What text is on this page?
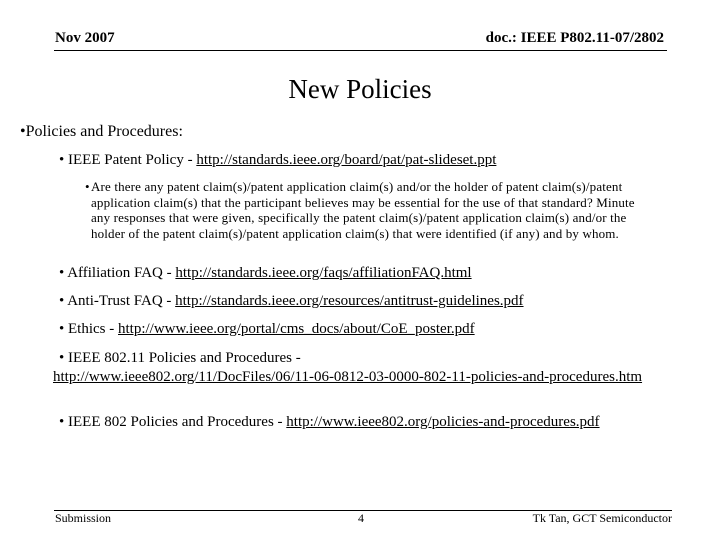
Nov 2007	doc.: IEEE P802.11-07/2802
New Policies
•Policies and Procedures:
• IEEE Patent Policy - http://standards.ieee.org/board/pat/pat-slideset.ppt
• Are there any patent claim(s)/patent application claim(s) and/or the holder of patent claim(s)/patent application claim(s) that the participant believes may be essential for the use of that standard? Minute any responses that were given, specifically the patent claim(s)/patent application claim(s) and/or the holder of the patent claim(s)/patent application claim(s) that were identified (if any) and by whom.
• Affiliation FAQ - http://standards.ieee.org/faqs/affiliationFAQ.html
• Anti-Trust FAQ - http://standards.ieee.org/resources/antitrust-guidelines.pdf
• Ethics - http://www.ieee.org/portal/cms_docs/about/CoE_poster.pdf
• IEEE 802.11 Policies and Procedures -
http://www.ieee802.org/11/DocFiles/06/11-06-0812-03-0000-802-11-policies-and-procedures.htm
• IEEE 802 Policies and Procedures - http://www.ieee802.org/policies-and-procedures.pdf
Submission	4	Tk Tan, GCT Semiconductor
